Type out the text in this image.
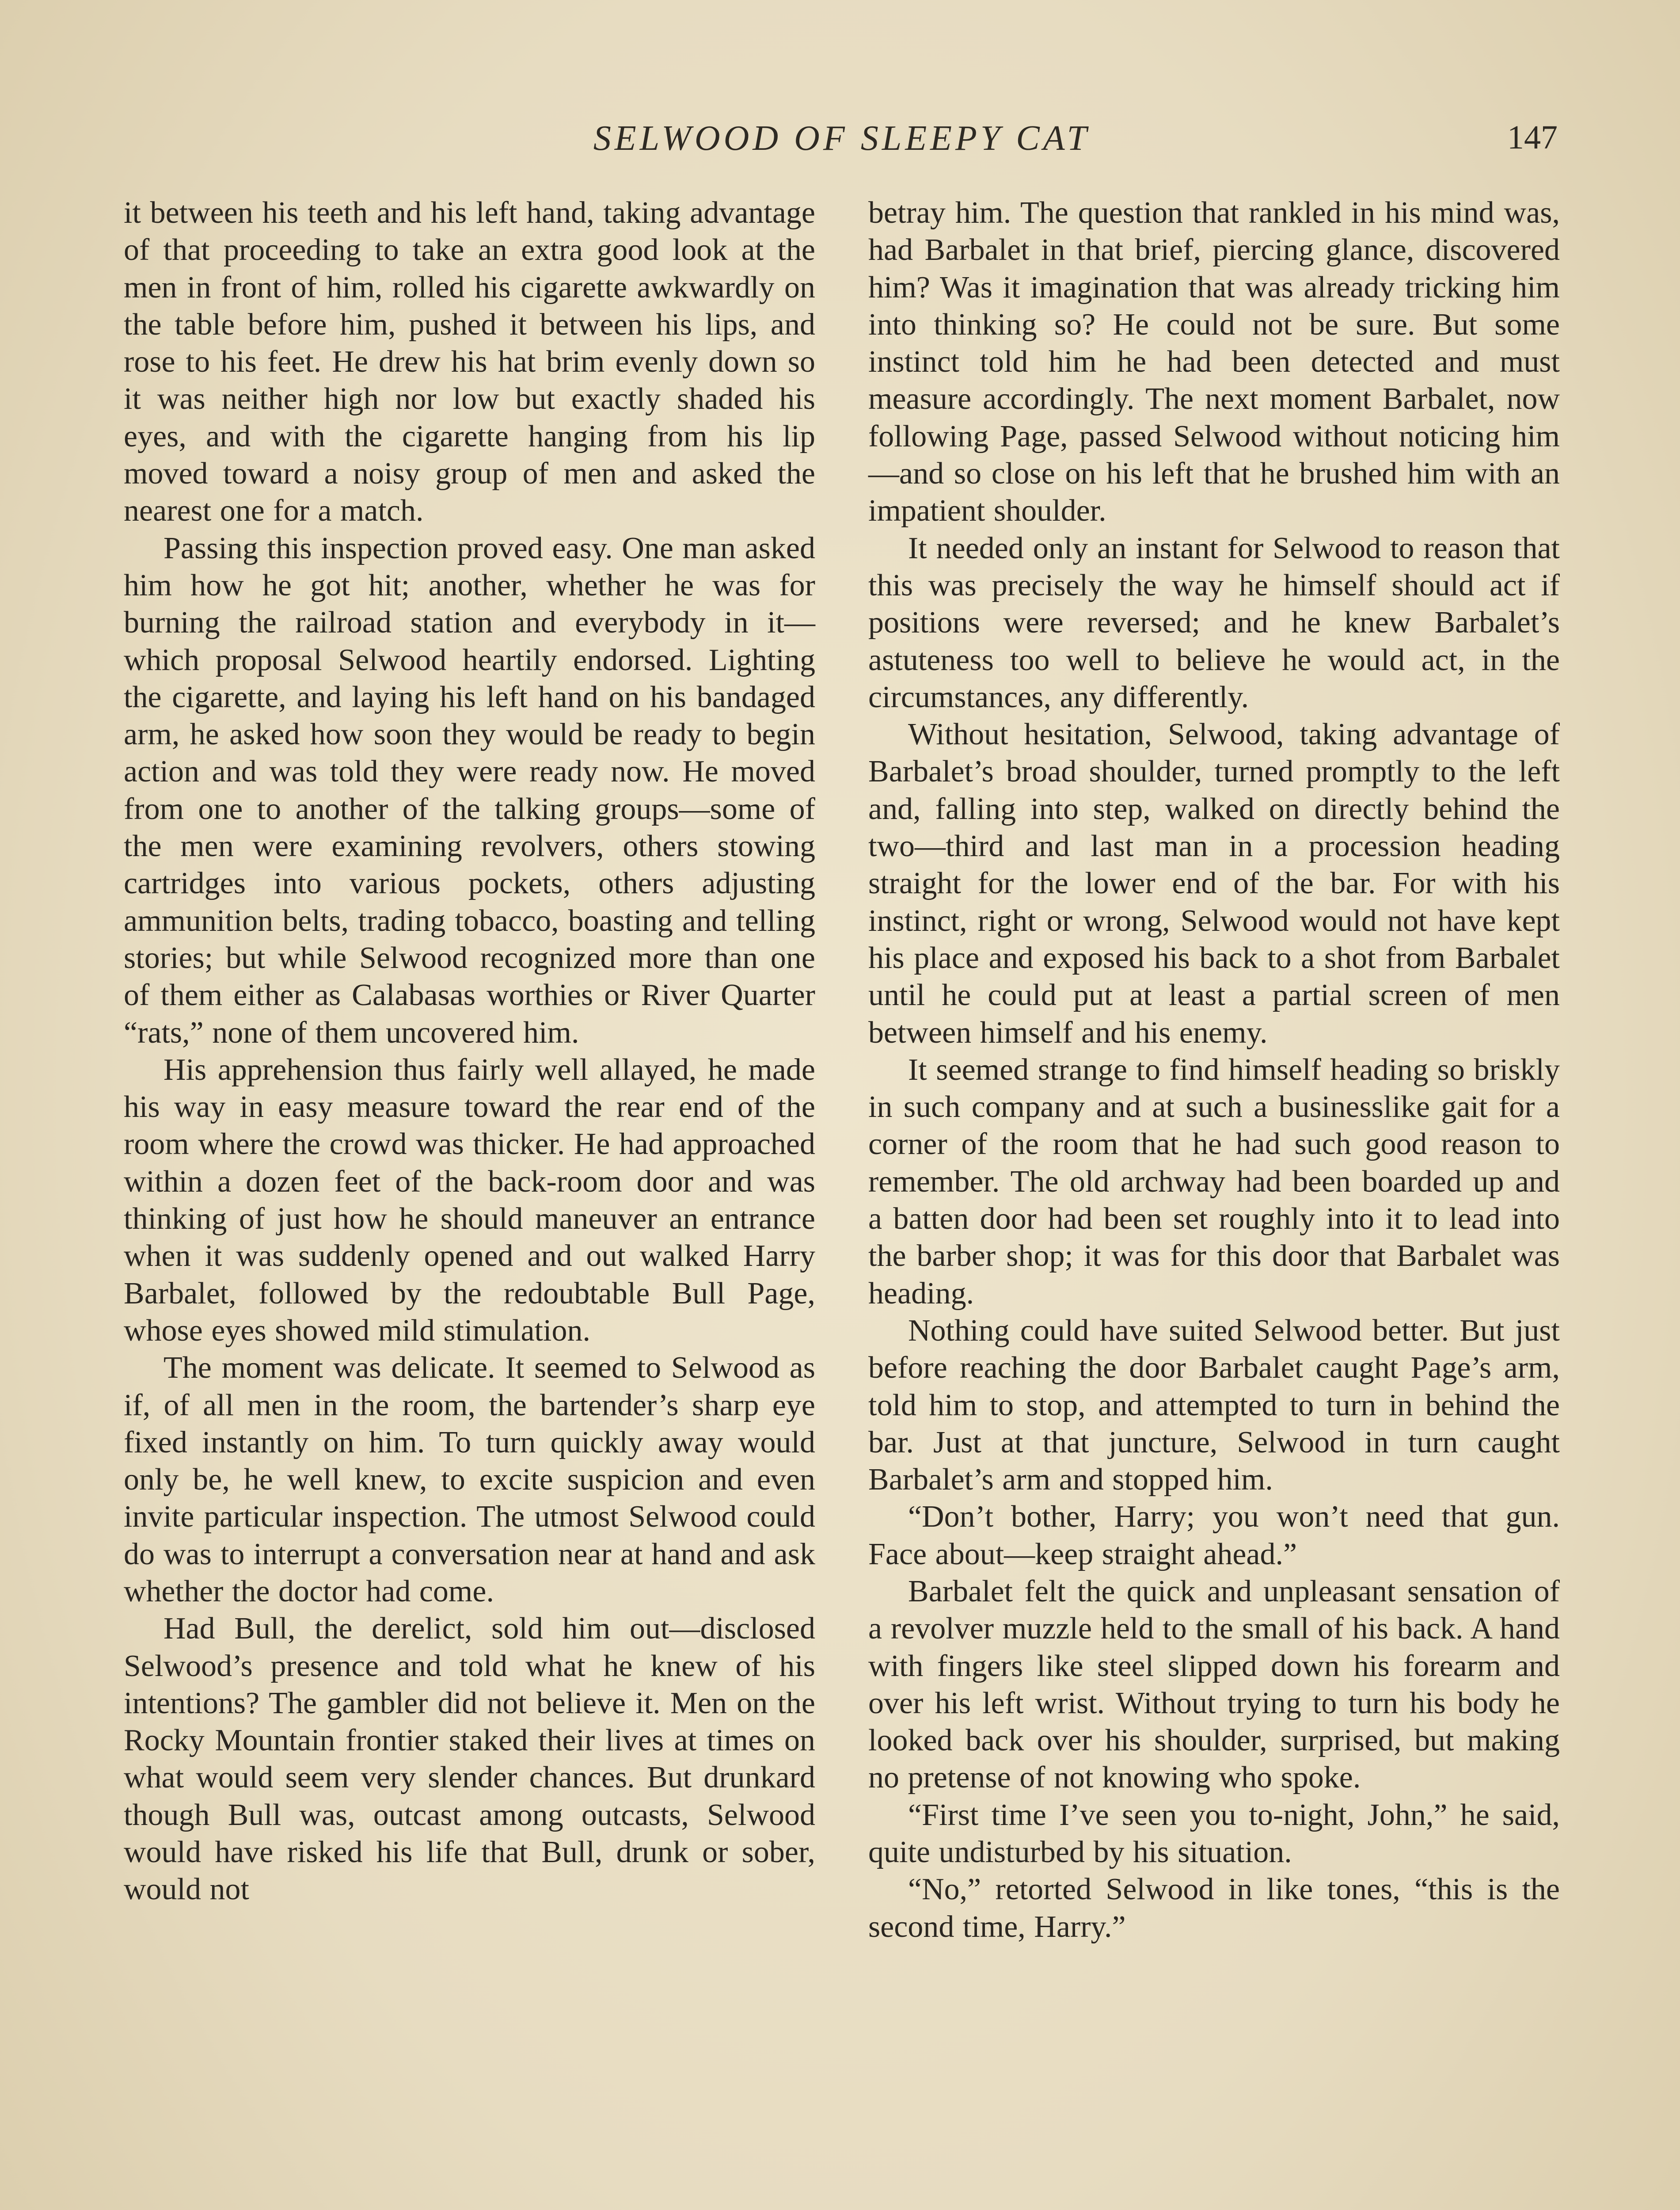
SELWOOD OF SLEEPY CAT	147

it between his teeth and his left hand, taking advantage of that proceeding to take an extra good look at the men in front of him, rolled his cigarette awkwardly on the table before him, pushed it between his lips, and rose to his feet. He drew his hat brim evenly down so it was neither high nor low but exactly shaded his eyes, and with the cigarette hanging from his lip moved toward a noisy group of men and asked the nearest one for a match.

Passing this inspection proved easy. One man asked him how he got hit; another, whether he was for burning the railroad station and everybody in it—which proposal Selwood heartily endorsed. Lighting the cigarette, and laying his left hand on his bandaged arm, he asked how soon they would be ready to begin action and was told they were ready now. He moved from one to another of the talking groups—some of the men were examining revolvers, others stowing cartridges into various pockets, others adjusting ammunition belts, trading tobacco, boasting and telling stories; but while Selwood recognized more than one of them either as Calabasas worthies or River Quarter “rats,” none of them uncovered him.

His apprehension thus fairly well allayed, he made his way in easy measure toward the rear end of the room where the crowd was thicker. He had approached within a dozen feet of the back-room door and was thinking of just how he should maneuver an entrance when it was suddenly opened and out walked Harry Barbalet, followed by the redoubtable Bull Page, whose eyes showed mild stimulation.

The moment was delicate. It seemed to Selwood as if, of all men in the room, the bartender’s sharp eye fixed instantly on him. To turn quickly away would only be, he well knew, to excite suspicion and even invite particular inspection. The utmost Selwood could do was to interrupt a conversation near at hand and ask whether the doctor had come.

Had Bull, the derelict, sold him out—disclosed Selwood’s presence and told what he knew of his intentions? The gambler did not believe it. Men on the Rocky Mountain frontier staked their lives at times on what would seem very slender chances. But drunkard though Bull was, outcast among outcasts, Selwood would have risked his life that Bull, drunk or sober, would not

betray him. The question that rankled in his mind was, had Barbalet in that brief, piercing glance, discovered him? Was it imagination that was already tricking him into thinking so? He could not be sure. But some instinct told him he had been detected and must measure accordingly. The next moment Barbalet, now following Page, passed Selwood without noticing him—and so close on his left that he brushed him with an impatient shoulder.

It needed only an instant for Selwood to reason that this was precisely the way he himself should act if positions were reversed; and he knew Barbalet’s astuteness too well to believe he would act, in the circumstances, any differently.

Without hesitation, Selwood, taking advantage of Barbalet’s broad shoulder, turned promptly to the left and, falling into step, walked on directly behind the two—third and last man in a procession heading straight for the lower end of the bar. For with his instinct, right or wrong, Selwood would not have kept his place and exposed his back to a shot from Barbalet until he could put at least a partial screen of men between himself and his enemy.

It seemed strange to find himself heading so briskly in such company and at such a businesslike gait for a corner of the room that he had such good reason to remember. The old archway had been boarded up and a batten door had been set roughly into it to lead into the barber shop; it was for this door that Barbalet was heading.

Nothing could have suited Selwood better. But just before reaching the door Barbalet caught Page’s arm, told him to stop, and attempted to turn in behind the bar. Just at that juncture, Selwood in turn caught Barbalet’s arm and stopped him.

“Don’t bother, Harry; you won’t need that gun. Face about—keep straight ahead.”

Barbalet felt the quick and unpleasant sensation of a revolver muzzle held to the small of his back. A hand with fingers like steel slipped down his forearm and over his left wrist. Without trying to turn his body he looked back over his shoulder, surprised, but making no pretense of not knowing who spoke.

“First time I’ve seen you to-night, John,” he said, quite undisturbed by his situation.

“No,” retorted Selwood in like tones, “this is the second time, Harry.”
